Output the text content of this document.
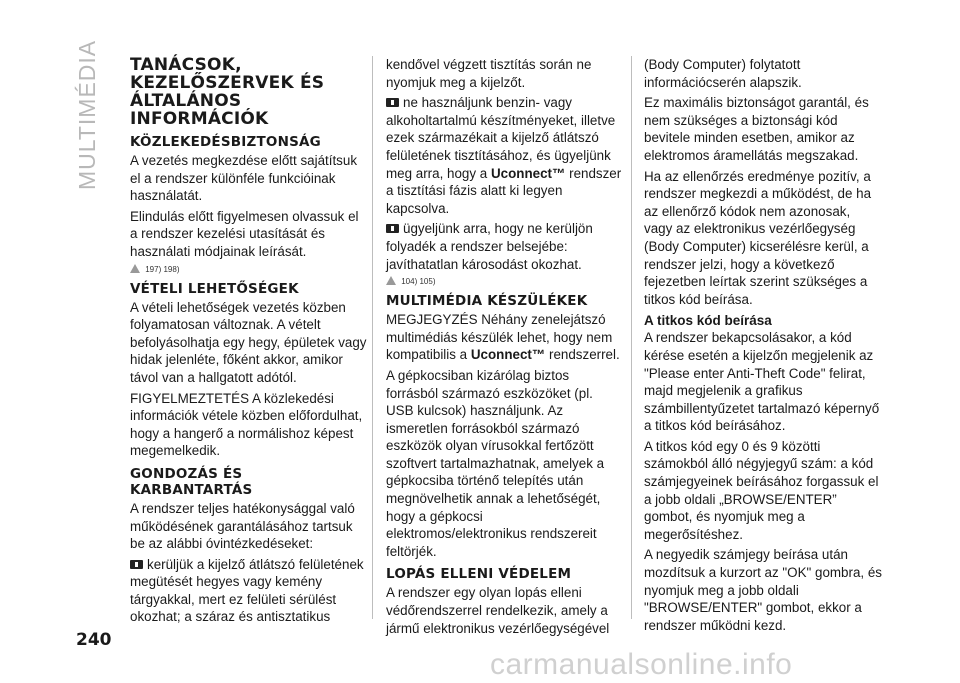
MULTIMÉDIA
240
TANÁCSOK, KEZELŐSZERVEK ÉS ÁLTALÁNOS INFORMÁCIÓK
KÖZLEKEDÉSBIZTONSÁG

A vezetés megkezdése előtt sajátítsuk el a rendszer különféle funkcióinak használatát.

Elindulás előtt figyelmesen olvassuk el a rendszer kezelési utasítását és használati módjainak leírását.

197) 198)
VÉTELI LEHETŐSÉGEK

A vételi lehetőségek vezetés közben folyamatosan változnak. A vételt befolyásolhatja egy hegy, épületek vagy hidak jelenléte, főként akkor, amikor távol van a hallgatott adótól.

FIGYELMEZTETÉS A közlekedési információk vétele közben előfordulhat, hogy a hangerő a normálishoz képest megemelkedik.

GONDOZÁS ÉS KARBANTARTÁS

A rendszer teljes hatékonysággal való működésének garantálásához tartsuk be az alábbi óvintézkedéseket:

kerüljük a kijelző átlátszó felületének megütését hegyes vagy kemény tárgyakkal, mert ez felületi sérülést okozhat; a száraz és antisztatikus

kendővel végzett tisztítás során ne nyomjuk meg a kijelzőt.

ne használjunk benzin- vagy alkoholtartalmú készítményeket, illetve ezek származékait a kijelző átlátszó felületének tisztításához, és ügyeljünk meg arra, hogy a Uconnect™ rendszer a tisztítási fázis alatt ki legyen kapcsolva.

ügyeljünk arra, hogy ne kerüljön folyadék a rendszer belsejébe: javíthatatlan károsodást okozhat.

104) 105)
MULTIMÉDIA KÉSZÜLÉKEK

MEGJEGYZÉS Néhány zenelejátszó multimédiás készülék lehet, hogy nem kompatibilis a Uconnect™ rendszerrel.

A gépkocsiban kizárólag biztos forrásból származó eszközöket (pl. USB kulcsok) használjunk. Az ismeretlen forrásokból származó eszközök olyan vírusokkal fertőzött szoftvert tartalmazhatnak, amelyek a gépkocsiba történő telepítés után megnövelhetik annak a lehetőségét, hogy a gépkocsi elektromos/elektronikus rendszereit feltörjék.

LOPÁS ELLENI VÉDELEM

A rendszer egy olyan lopás elleni védőrendszerrel rendelkezik, amely a jármű elektronikus vezérlőegységével

(Body Computer) folytatott információcserén alapszik.

Ez maximális biztonságot garantál, és nem szükséges a biztonsági kód bevitele minden esetben, amikor az elektromos áramellátás megszakad.

Ha az ellenőrzés eredménye pozitív, a rendszer megkezdi a működést, de ha az ellenőrző kódok nem azonosak, vagy az elektronikus vezérlőegység (Body Computer) kicserélésre kerül, a rendszer jelzi, hogy a következő fejezetben leírtak szerint szükséges a titkos kód beírása.

A titkos kód beírása

A rendszer bekapcsolásakor, a kód kérése esetén a kijelzőn megjelenik az "Please enter Anti-Theft Code" felirat, majd megjelenik a grafikus számbillentyűzetet tartalmazó képernyő a titkos kód beírásához.

A titkos kód egy 0 és 9 közötti számokból álló négyjegyű szám: a kód számjegyeinek beírásához forgassuk el a jobb oldali „BROWSE/ENTER” gombot, és nyomjuk meg a megerősítéshez.

A negyedik számjegy beírása után mozdítsuk a kurzort az "OK" gombra, és nyomjuk meg a jobb oldali "BROWSE/ENTER" gombot, ekkor a rendszer működni kezd.

carmanualsonline.info
